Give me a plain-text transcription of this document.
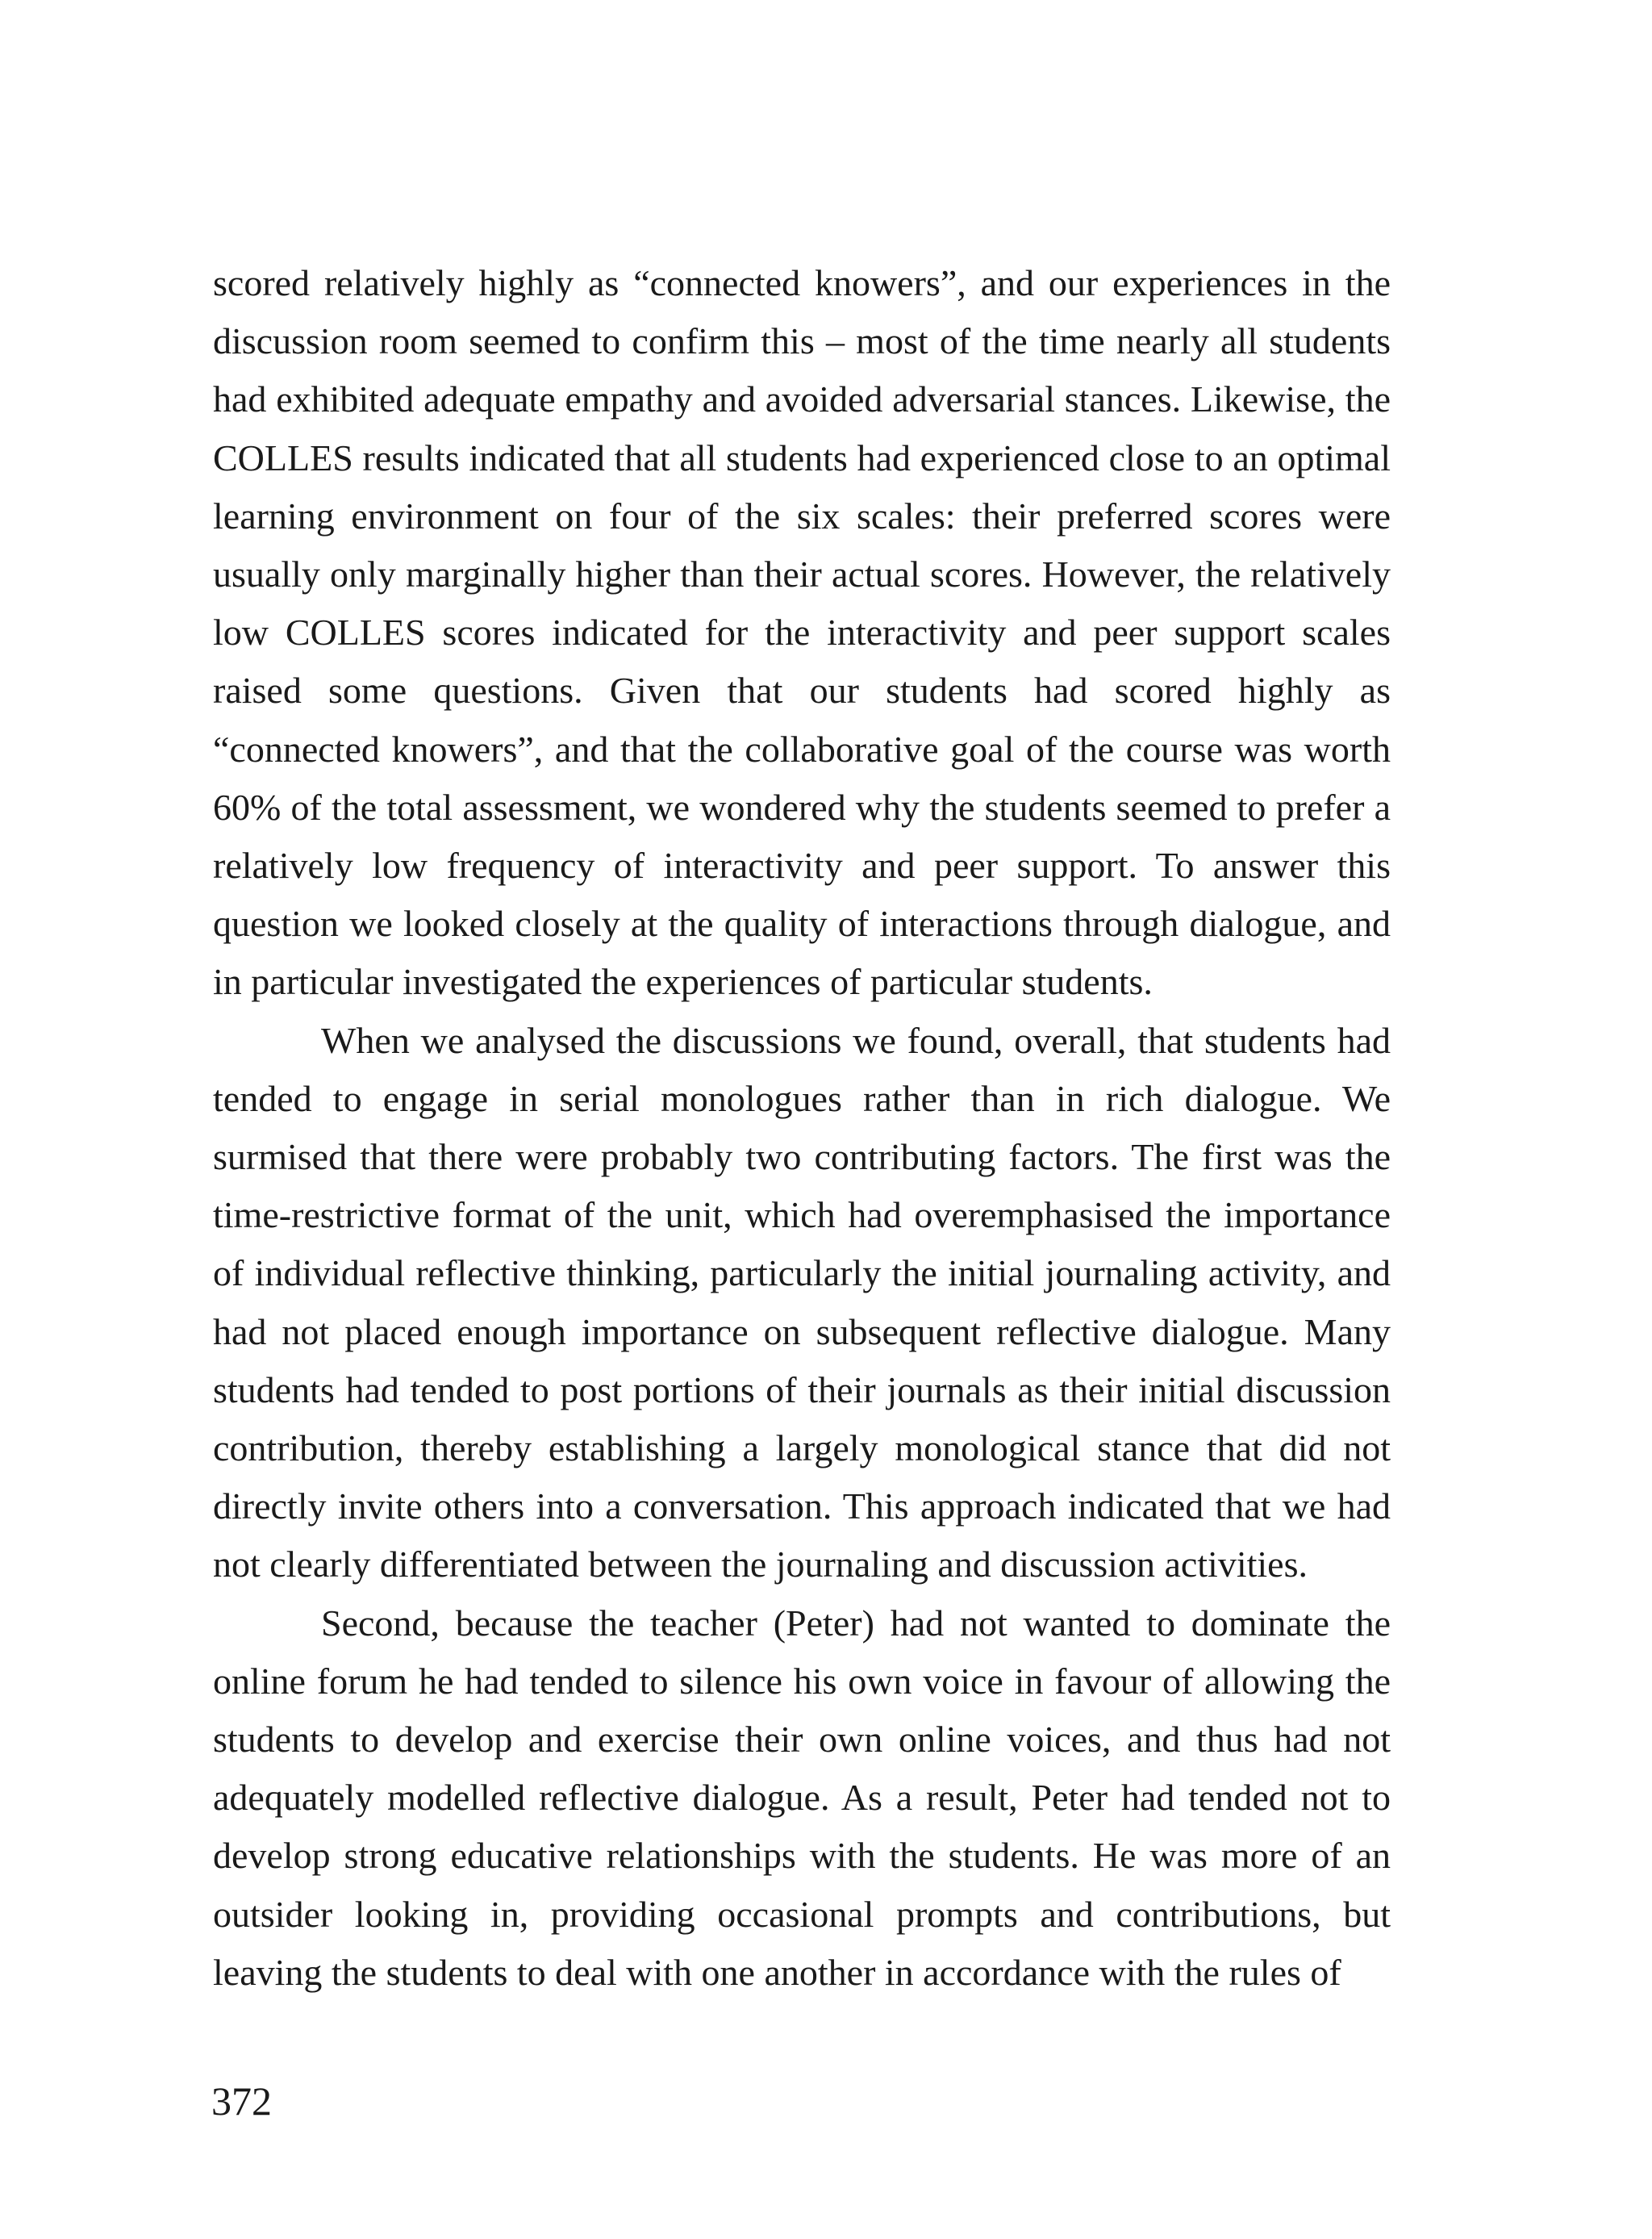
scored relatively highly as “connected knowers”, and our experiences in the discussion room seemed to confirm this – most of the time nearly all students had exhibited adequate empathy and avoided adversarial stances. Likewise, the COLLES results indicated that all students had experienced close to an optimal learning environment on four of the six scales: their preferred scores were usually only marginally higher than their actual scores. However, the relatively low COLLES scores indicated for the interactivity and peer support scales raised some questions. Given that our students had scored highly as “connected knowers”, and that the collaborative goal of the course was worth 60% of the total assessment, we wondered why the students seemed to prefer a relatively low frequency of interactivity and peer support. To answer this question we looked closely at the quality of interactions through dialogue, and in particular investigated the experiences of particular students.

When we analysed the discussions we found, overall, that students had tended to engage in serial monologues rather than in rich dialogue. We surmised that there were probably two contributing factors. The first was the time-restrictive format of the unit, which had overemphasised the importance of individual reflective thinking, particularly the initial journaling activity, and had not placed enough importance on subsequent reflective dialogue. Many students had tended to post portions of their journals as their initial discussion contribution, thereby establishing a largely monological stance that did not directly invite others into a conversation. This approach indicated that we had not clearly differentiated between the journaling and discussion activities.

Second, because the teacher (Peter) had not wanted to dominate the online forum he had tended to silence his own voice in favour of allowing the students to develop and exercise their own online voices, and thus had not adequately modelled reflective dialogue. As a result, Peter had tended not to develop strong educative relationships with the students. He was more of an outsider looking in, providing occasional prompts and contributions, but leaving the students to deal with one another in accordance with the rules of

372
